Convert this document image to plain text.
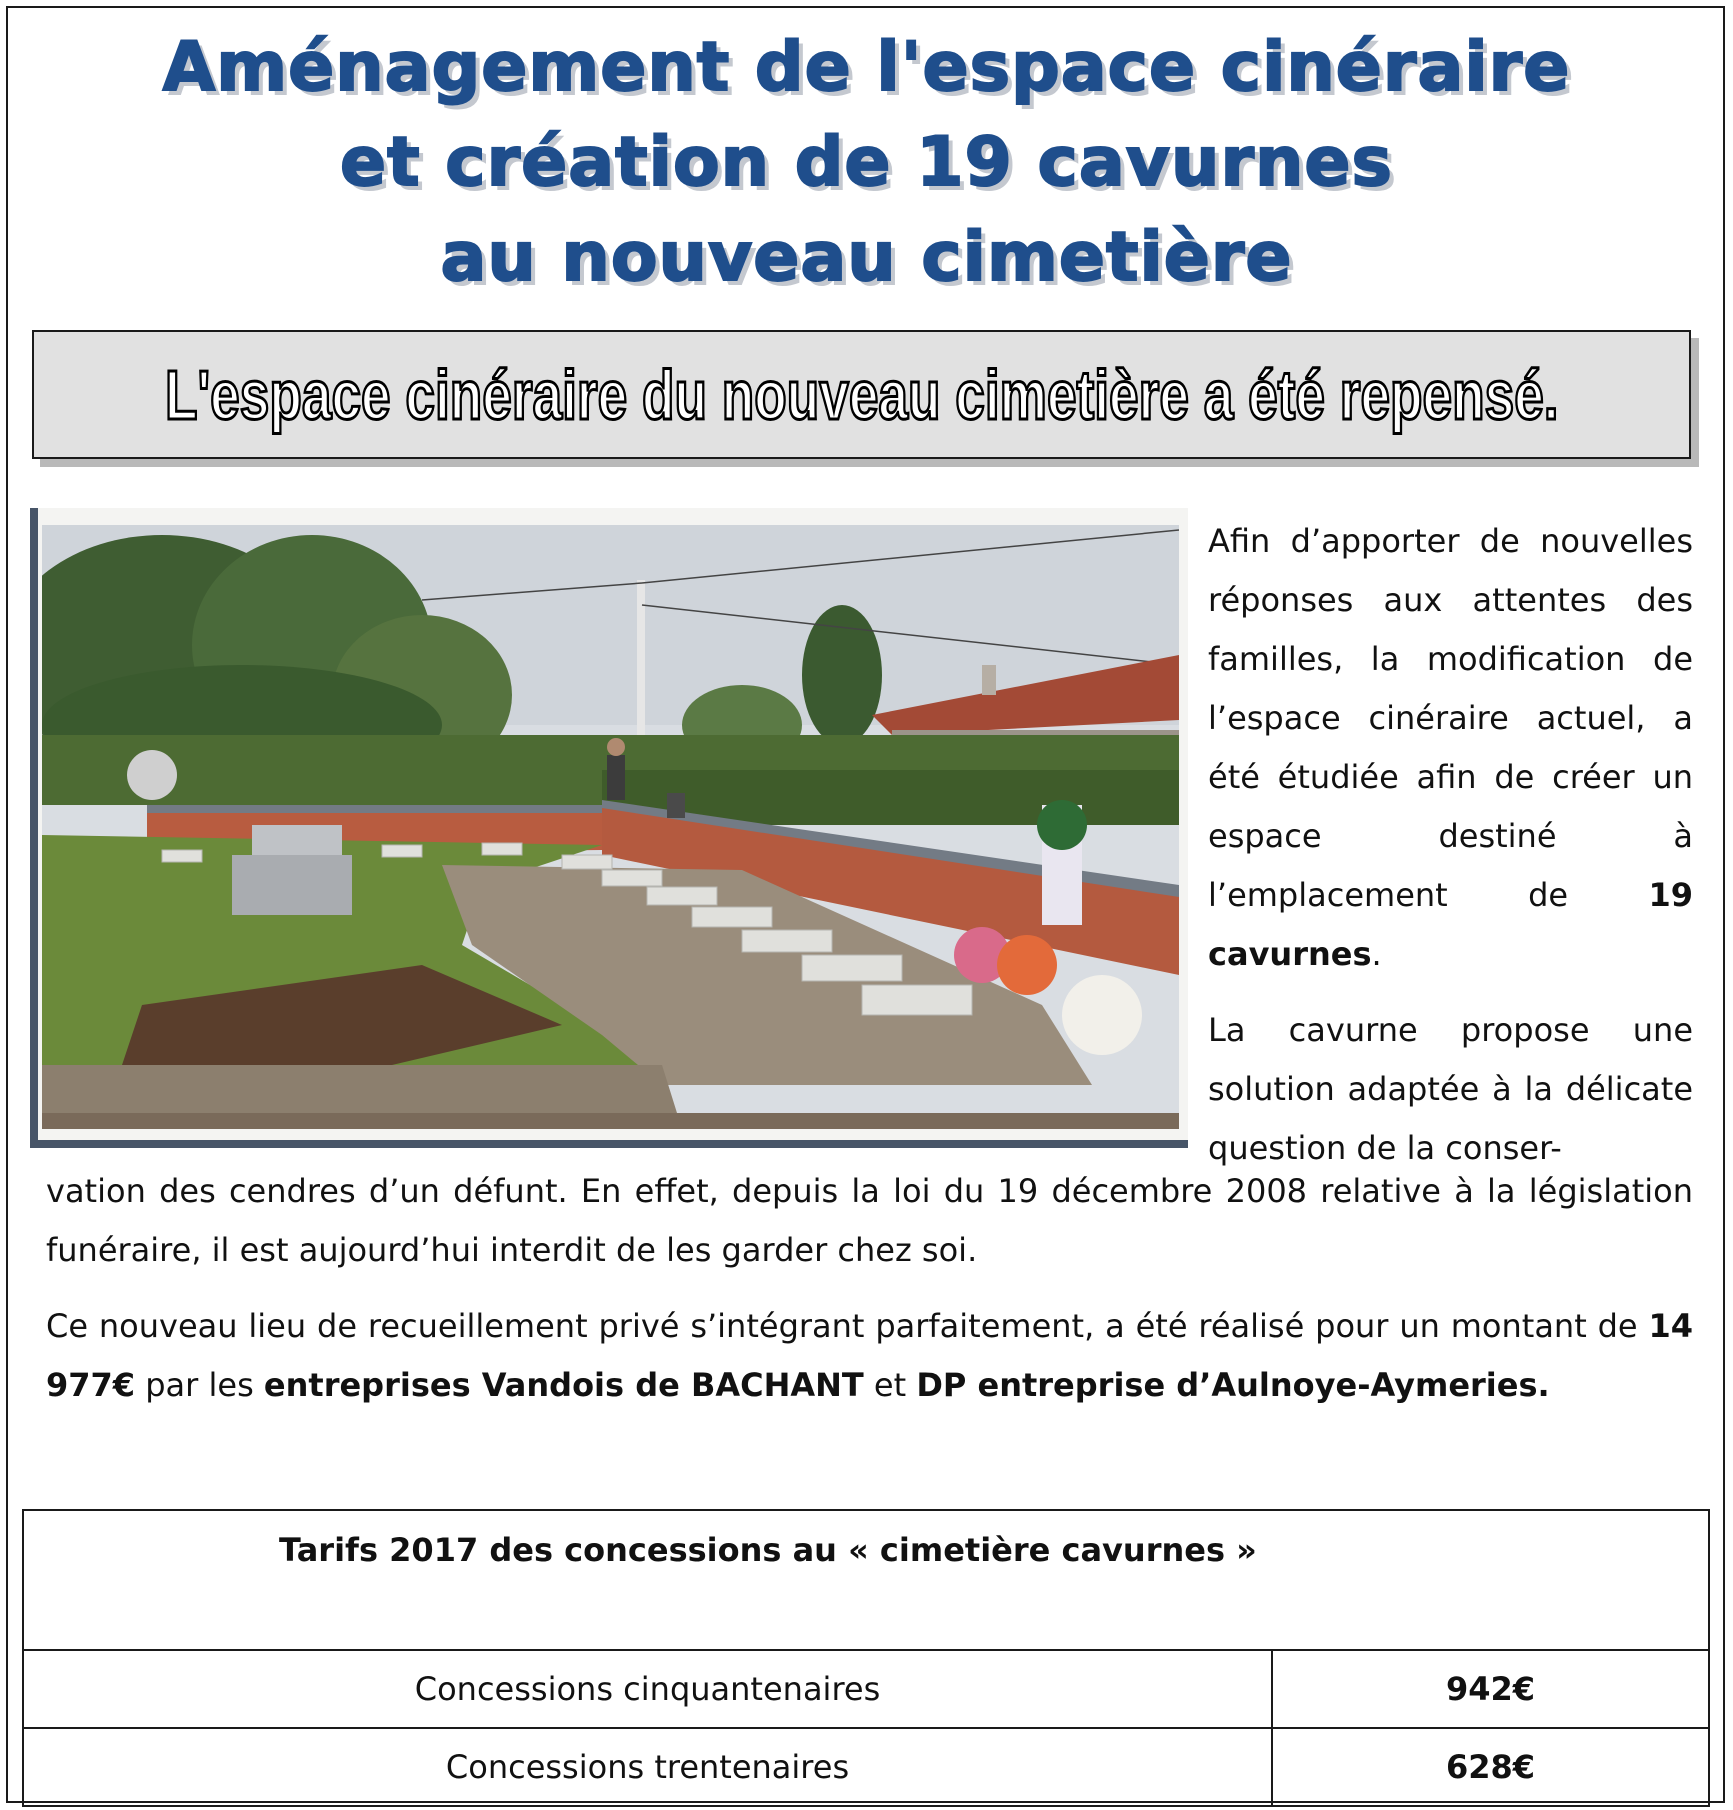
Aménagement de l'espace cinéraire
et création de 19 cavurnes
au nouveau cimetière
L'espace cinéraire du nouveau cimetière a été repensé.

Afin d’apporter de nouvelles réponses aux attentes des familles, la modification de l’espace cinéraire actuel, a été étudiée afin de créer un espace destiné à l’emplacement de 19 cavurnes.

La cavurne propose une solution adaptée à la délicate question de la conser-

vation des cendres d’un défunt. En effet, depuis la loi du 19 décembre 2008 relative à la législation funéraire, il est aujourd’hui interdit de les garder chez soi.

Ce nouveau lieu de recueillement privé s’intégrant parfaitement, a été réalisé pour un montant de 14 977€ par les entreprises Vandois de BACHANT et DP entreprise d’Aulnoye-Aymeries.

Tarifs 2017 des concessions au « cimetière cavurnes »	
Concessions cinquantenaires	942€
Concessions trentenaires	628€
